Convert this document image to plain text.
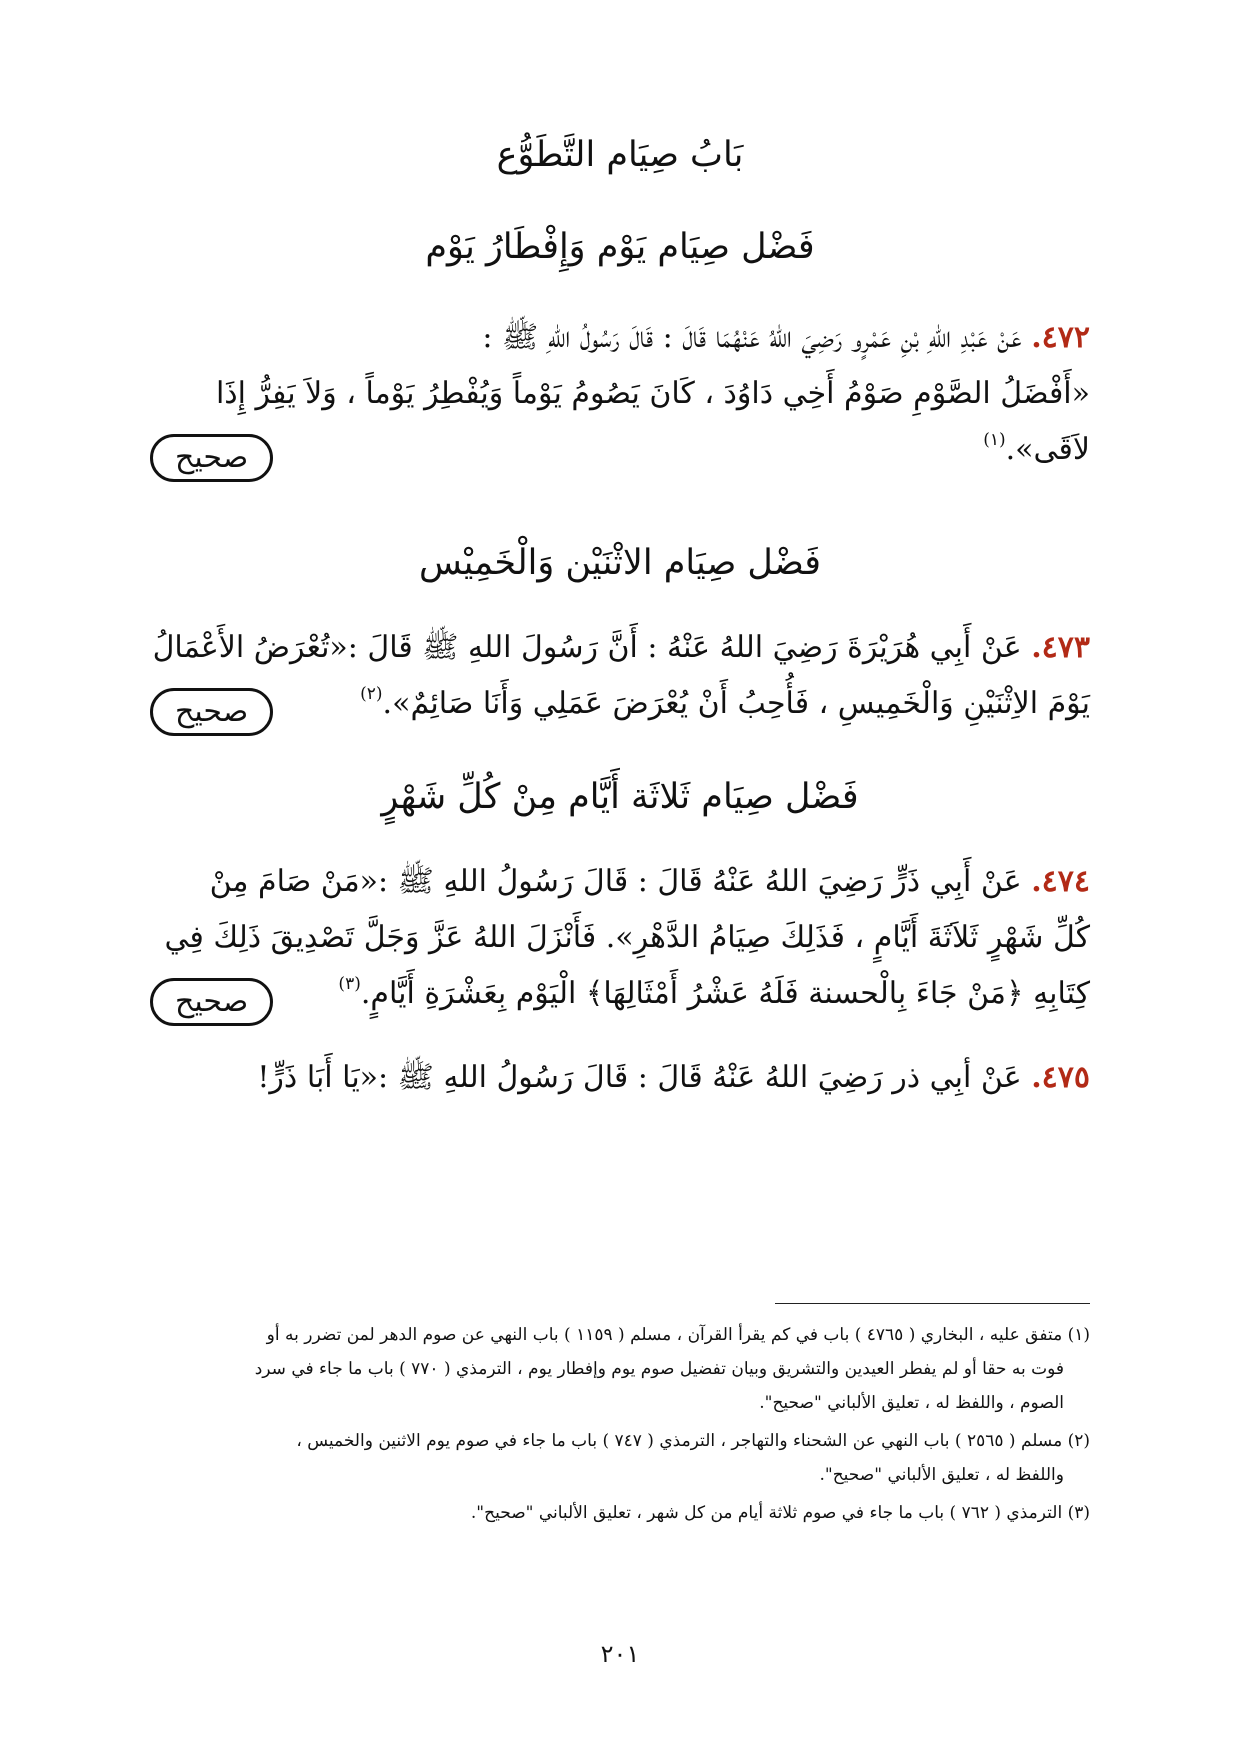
بَابُ صِيَام التَّطَوُّع
فَضْل صِيَام يَوْم وَإِفْطَارُ يَوْم
٤٧٢. عَنْ عَبْدِ اللهِ بْنِ عَمْرٍو رَضِيَ اللهُ عَنْهُمَا قَالَ : قَالَ رَسُولُ اللهِ ﷺ :
«أَفْضَلُ الصَّوْمِ صَوْمُ أَخِي دَاوُدَ ، كَانَ يَصُومُ يَوْماً وَيُفْطِرُ يَوْماً ، وَلاَ يَفِرُّ إِذَا
لاَقَى».$^{(١)}$
صحيح
فَضْل صِيَام الاثْنَيْن وَالْخَمِيْس
٤٧٣. عَنْ أَبِي هُرَيْرَةَ رَضِيَ اللهُ عَنْهُ : أَنَّ رَسُولَ اللهِ ﷺ قَالَ :«تُعْرَضُ الأَعْمَالُ
يَوْمَ الاِثْنَيْنِ وَالْخَمِيسِ ، فَأُحِبُ أَنْ يُعْرَضَ عَمَلِي وَأَنَا صَائِمٌ».$^{(٢)}$
صحيح
فَضْل صِيَام ثَلاثَة أَيَّام مِنْ كُلِّ شَهْرٍ
٤٧٤. عَنْ أَبِي ذَرٍّ رَضِيَ اللهُ عَنْهُ قَالَ : قَالَ رَسُولُ اللهِ ﷺ :«مَنْ صَامَ مِنْ
كُلِّ شَهْرٍ ثَلاَثَةَ أَيَّامٍ ، فَذَلِكَ صِيَامُ الدَّهْرِ». فَأَنْزَلَ اللهُ عَزَّ وَجَلَّ تَصْدِيقَ ذَلِكَ فِي
كِتَابِهِ ﴿مَنْ جَاءَ بِالْحسنة فَلَهُ عَشْرُ أَمْثَالِهَا﴾ الْيَوْم بِعَشْرَةِ أَيَّامٍ.$^{(٣)}$
صحيح
٤٧٥. عَنْ أبِي ذر رَضِيَ اللهُ عَنْهُ قَالَ : قَالَ رَسُولُ اللهِ ﷺ :«يَا أَبَا ذَرٍّ!
(١) متفق عليه ، البخاري ( ٤٧٦٥ ) باب في كم يقرأ القرآن ، مسلم ( ١١٥٩ ) باب النهي عن صوم الدهر لمن تضرر به أو
فوت به حقا أو لم يفطر العيدين والتشريق وبيان تفضيل صوم يوم وإفطار يوم ، الترمذي ( ٧٧٠ ) باب ما جاء في سرد
الصوم ، واللفظ له ، تعليق الألباني "صحيح".
(٢) مسلم ( ٢٥٦٥ ) باب النهي عن الشحناء والتهاجر ، الترمذي ( ٧٤٧ ) باب ما جاء في صوم يوم الاثنين والخميس ،
واللفظ له ، تعليق الألباني "صحيح".
(٣) الترمذي ( ٧٦٢ ) باب ما جاء في صوم ثلاثة أيام من كل شهر ، تعليق الألباني "صحيح".
٢٠١
